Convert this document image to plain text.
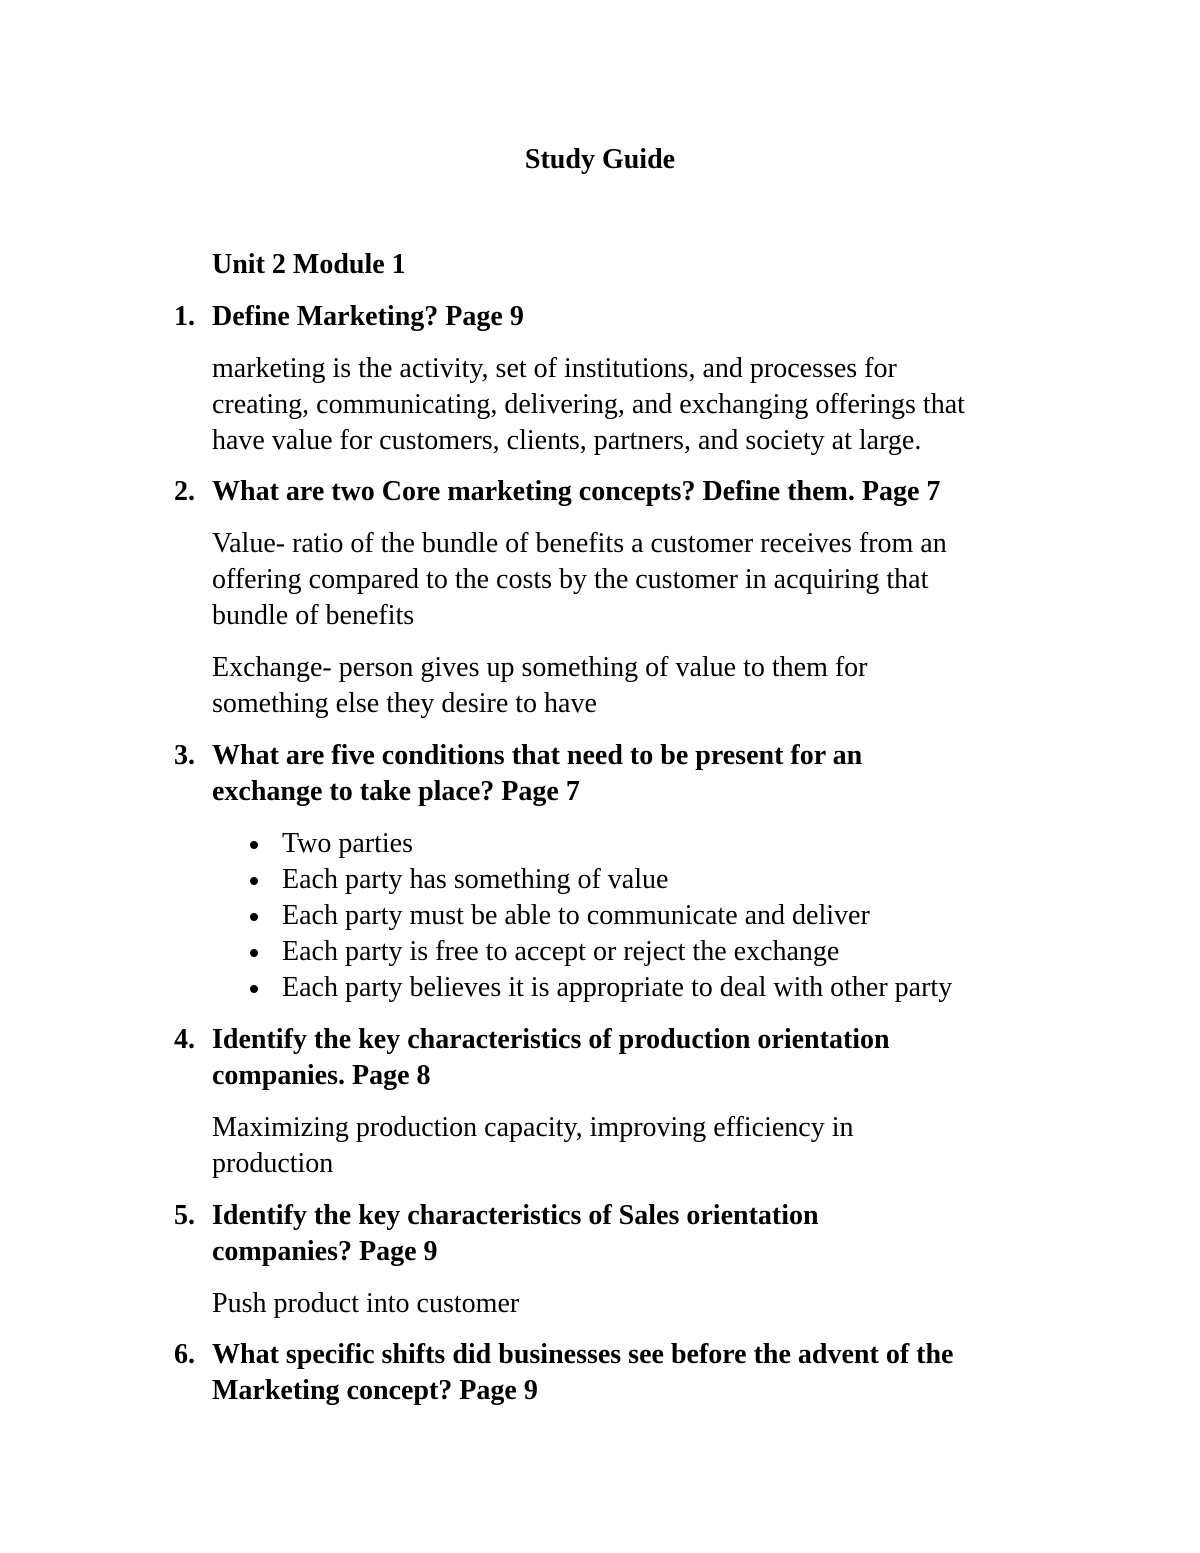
Study Guide
Unit 2 Module 1
1. Define Marketing? Page 9
marketing is the activity, set of institutions, and processes for
creating, communicating, delivering, and exchanging offerings that
have value for customers, clients, partners, and society at large.
2. What are two Core marketing concepts? Define them. Page 7
Value- ratio of the bundle of benefits a customer receives from an
offering compared to the costs by the customer in acquiring that
bundle of benefits
Exchange- person gives up something of value to them for
something else they desire to have
3. What are five conditions that need to be present for an
exchange to take place? Page 7
Two parties
Each party has something of value
Each party must be able to communicate and deliver
Each party is free to accept or reject the exchange
Each party believes it is appropriate to deal with other party
4. Identify the key characteristics of production orientation
companies. Page 8
Maximizing production capacity, improving efficiency in
production
5. Identify the key characteristics of Sales orientation
companies? Page 9
Push product into customer
6. What specific shifts did businesses see before the advent of the
Marketing concept? Page 9
